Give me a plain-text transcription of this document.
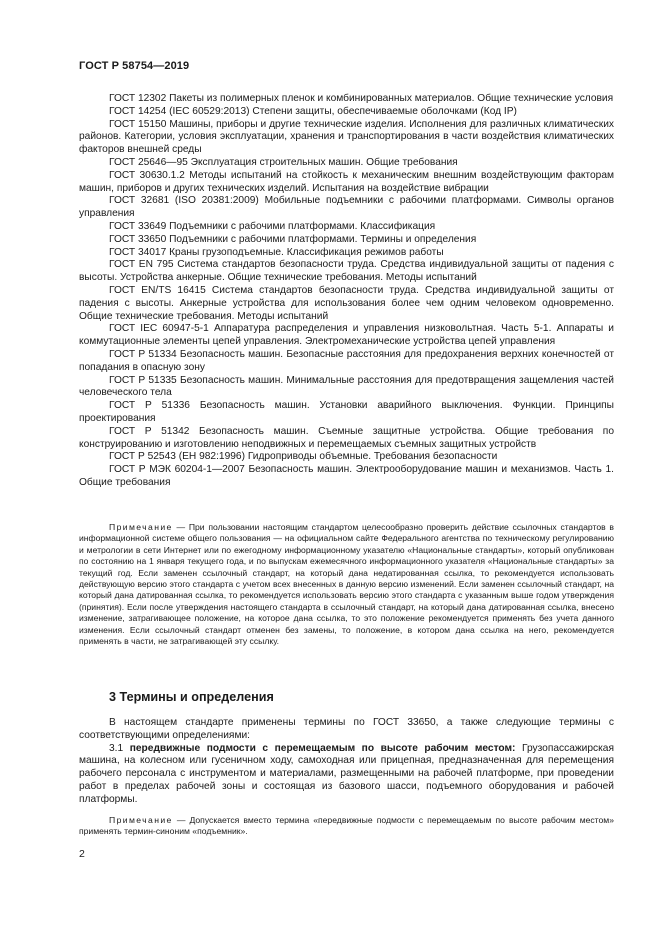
ГОСТ Р 58754—2019

ГОСТ 12302 Пакеты из полимерных пленок и комбинированных материалов. Общие технические условия

ГОСТ 14254 (IEC 60529:2013) Степени защиты, обеспечиваемые оболочками (Код IP)

ГОСТ 15150 Машины, приборы и другие технические изделия. Исполнения для различных климатических районов. Категории, условия эксплуатации, хранения и транспортирования в части воздействия климатических факторов внешней среды

ГОСТ 25646—95 Эксплуатация строительных машин. Общие требования

ГОСТ 30630.1.2 Методы испытаний на стойкость к механическим внешним воздействующим факторам машин, приборов и других технических изделий. Испытания на воздействие вибрации

ГОСТ 32681 (ISO 20381:2009) Мобильные подъемники с рабочими платформами. Символы органов управления

ГОСТ 33649 Подъемники с рабочими платформами. Классификация

ГОСТ 33650 Подъемники с рабочими платформами. Термины и определения

ГОСТ 34017 Краны грузоподъемные. Классификация режимов работы

ГОСТ EN 795 Система стандартов безопасности труда. Средства индивидуальной защиты от падения с высоты. Устройства анкерные. Общие технические требования. Методы испытаний

ГОСТ EN/TS 16415 Система стандартов безопасности труда. Средства индивидуальной защиты от падения с высоты. Анкерные устройства для использования более чем одним человеком одновременно. Общие технические требования. Методы испытаний

ГОСТ IEC 60947-5-1 Аппаратура распределения и управления низковольтная. Часть 5-1. Аппараты и коммутационные элементы цепей управления. Электромеханические устройства цепей управления

ГОСТ Р 51334 Безопасность машин. Безопасные расстояния для предохранения верхних конечностей от попадания в опасную зону

ГОСТ Р 51335 Безопасность машин. Минимальные расстояния для предотвращения защемления частей человеческого тела

ГОСТ Р 51336 Безопасность машин. Установки аварийного выключения. Функции. Принципы проектирования

ГОСТ Р 51342 Безопасность машин. Съемные защитные устройства. Общие требования по конструированию и изготовлению неподвижных и перемещаемых съемных защитных устройств

ГОСТ Р 52543 (ЕН 982:1996) Гидроприводы объемные. Требования безопасности

ГОСТ Р МЭК 60204-1—2007 Безопасность машин. Электрооборудование машин и механизмов. Часть 1. Общие требования

Примечание — При пользовании настоящим стандартом целесообразно проверить действие ссылочных стандартов в информационной системе общего пользования — на официальном сайте Федерального агентства по техническому регулированию и метрологии в сети Интернет или по ежегодному информационному указателю «Национальные стандарты», который опубликован по состоянию на 1 января текущего года, и по выпускам ежемесячного информационного указателя «Национальные стандарты» за текущий год. Если заменен ссылочный стандарт, на который дана недатированная ссылка, то рекомендуется использовать действующую версию этого стандарта с учетом всех внесенных в данную версию изменений. Если заменен ссылочный стандарт, на который дана датированная ссылка, то рекомендуется использовать версию этого стандарта с указанным выше годом утверждения (принятия). Если после утверждения настоящего стандарта в ссылочный стандарт, на который дана датированная ссылка, внесено изменение, затрагивающее положение, на которое дана ссылка, то это положение рекомендуется применять без учета данного изменения. Если ссылочный стандарт отменен без замены, то положение, в котором дана ссылка на него, рекомендуется применять в части, не затрагивающей эту ссылку.

3 Термины и определения

В настоящем стандарте применены термины по ГОСТ 33650, а также следующие термины с соответствующими определениями:

3.1 передвижные подмости с перемещаемым по высоте рабочим местом: Грузопассажирская машина, на колесном или гусеничном ходу, самоходная или прицепная, предназначенная для перемещения рабочего персонала с инструментом и материалами, размещенными на рабочей платформе, при проведении работ в пределах рабочей зоны и состоящая из базового шасси, подъемного оборудования и рабочей платформы.

Примечание — Допускается вместо термина «передвижные подмости с перемещаемым по высоте рабочим местом» применять термин-синоним «подъемник».

2
